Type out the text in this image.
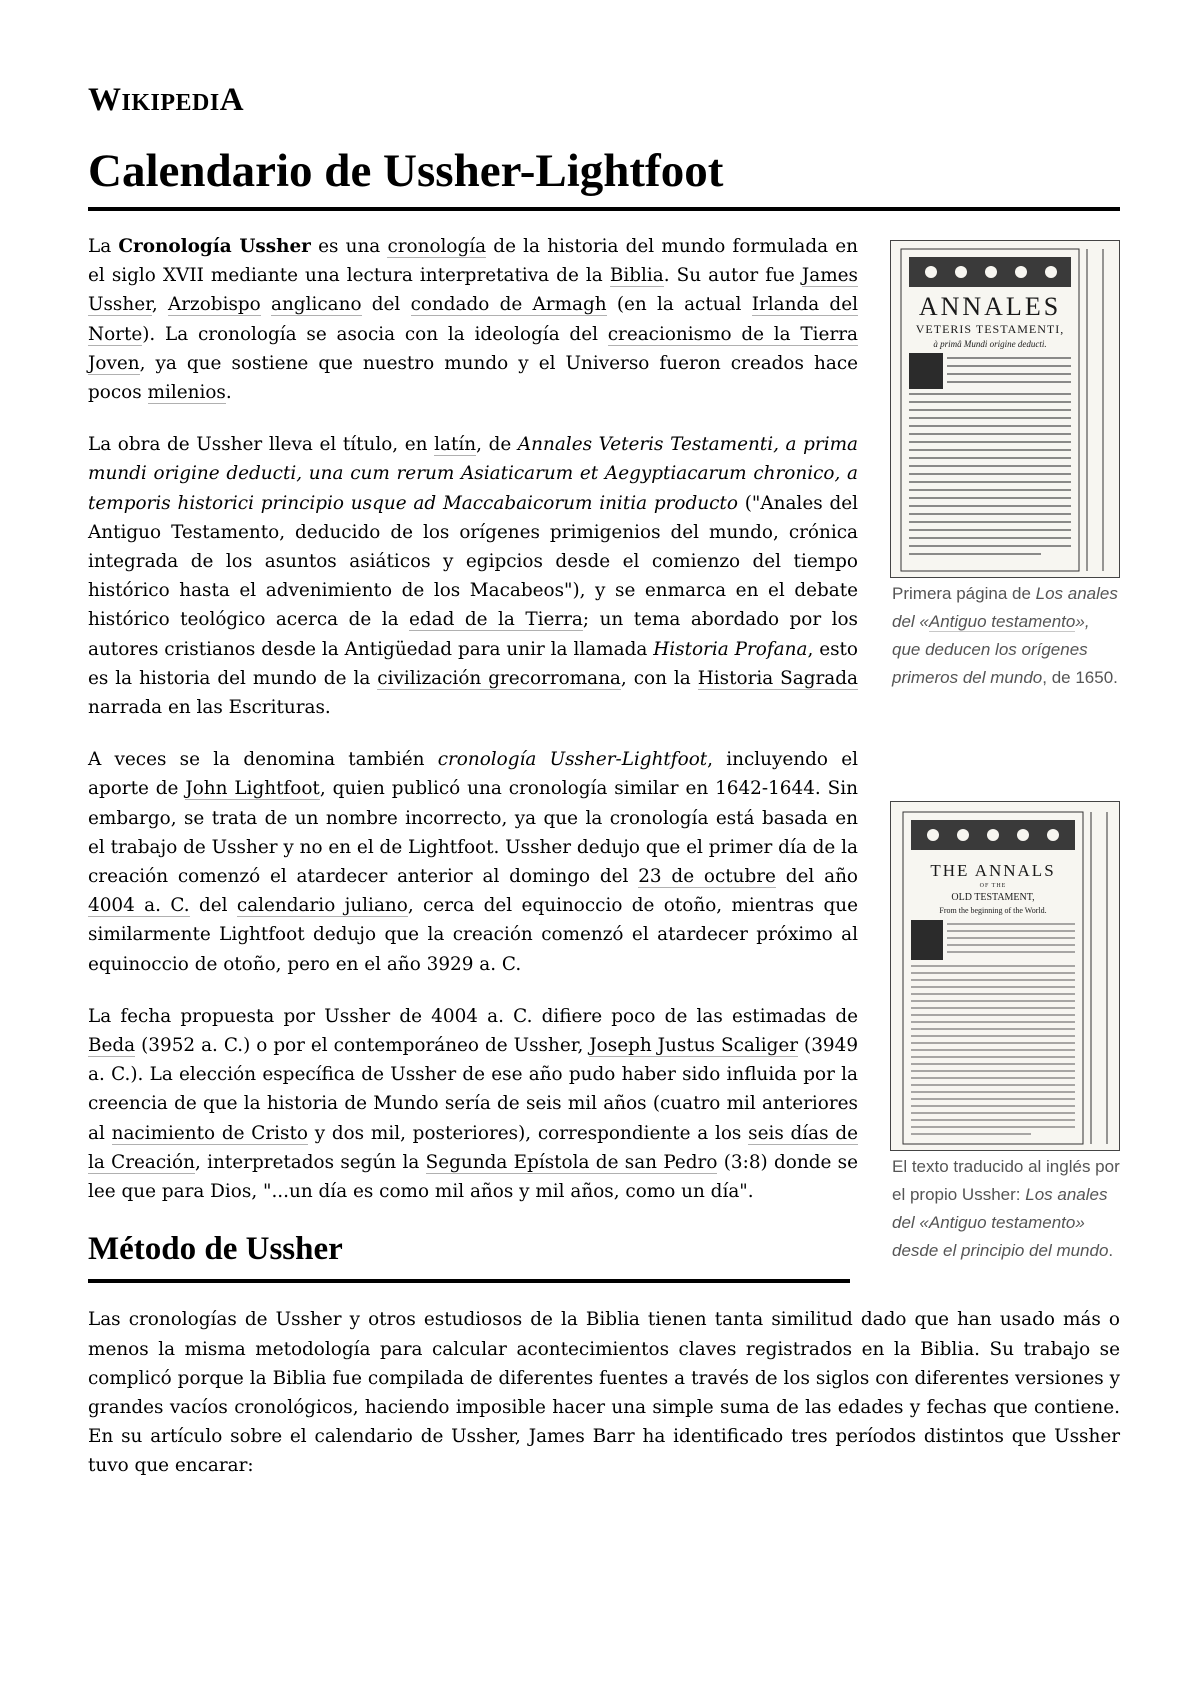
WIKIPEDIA
Calendario de Ussher-Lightfoot
ANNALES
VETERIS TESTAMENTI,
à primâ Mundi origine deducti.
Primera página de Los anales del «Antiguo testamento», que deducen los orígenes primeros del mundo, de 1650.

La Cronología Ussher es una cronología de la historia del mundo formulada en el siglo XVII mediante una lectura interpretativa de la Biblia. Su autor fue James Ussher, Arzobispo anglicano del condado de Armagh (en la actual Irlanda del Norte). La cronología se asocia con la ideología del creacionismo de la Tierra Joven, ya que sostiene que nuestro mundo y el Universo fueron creados hace pocos milenios.

La obra de Ussher lleva el título, en latín, de Annales Veteris Testamenti, a prima mundi origine deducti, una cum rerum Asiaticarum et Aegyptiacarum chronico, a temporis historici principio usque ad Maccabaicorum initia producto ("Anales del Antiguo Testamento, deducido de los orígenes primigenios del mundo, crónica integrada de los asuntos asiáticos y egipcios desde el comienzo del tiempo histórico hasta el advenimiento de los Macabeos"), y se enmarca en el debate histórico teológico acerca de la edad de la Tierra; un tema abordado por los autores cristianos desde la Antigüedad para unir la llamada Historia Profana, esto es la historia del mundo de la civilización grecorromana, con la Historia Sagrada narrada en las Escrituras.

THE ANNALS
OF THE
OLD TESTAMENT,
From the beginning of the World.
El texto traducido al inglés por el propio Ussher: Los anales del «Antiguo testamento» desde el principio del mundo.

A veces se la denomina también cronología Ussher-Lightfoot, incluyendo el aporte de John Lightfoot, quien publicó una cronología similar en 1642-1644. Sin embargo, se trata de un nombre incorrecto, ya que la cronología está basada en el trabajo de Ussher y no en el de Lightfoot. Ussher dedujo que el primer día de la creación comenzó el atardecer anterior al domingo del 23 de octubre del año 4004 a. C. del calendario juliano, cerca del equinoccio de otoño, mientras que similarmente Lightfoot dedujo que la creación comenzó el atardecer próximo al equinoccio de otoño, pero en el año 3929 a. C.

La fecha propuesta por Ussher de 4004 a. C. difiere poco de las estimadas de Beda (3952 a. C.) o por el contemporáneo de Ussher, Joseph Justus Scaliger (3949 a. C.). La elección específica de Ussher de ese año pudo haber sido influida por la creencia de que la historia de Mundo sería de seis mil años (cuatro mil anteriores al nacimiento de Cristo y dos mil, posteriores), correspondiente a los seis días de la Creación, interpretados según la Segunda Epístola de san Pedro (3:8) donde se lee que para Dios, "...un día es como mil años y mil años, como un día".

Método de Ussher

Las cronologías de Ussher y otros estudiosos de la Biblia tienen tanta similitud dado que han usado más o menos la misma metodología para calcular acontecimientos claves registrados en la Biblia. Su trabajo se complicó porque la Biblia fue compilada de diferentes fuentes a través de los siglos con diferentes versiones y grandes vacíos cronológicos, haciendo imposible hacer una simple suma de las edades y fechas que contiene. En su artículo sobre el calendario de Ussher, James Barr ha identificado tres períodos distintos que Ussher tuvo que encarar:
